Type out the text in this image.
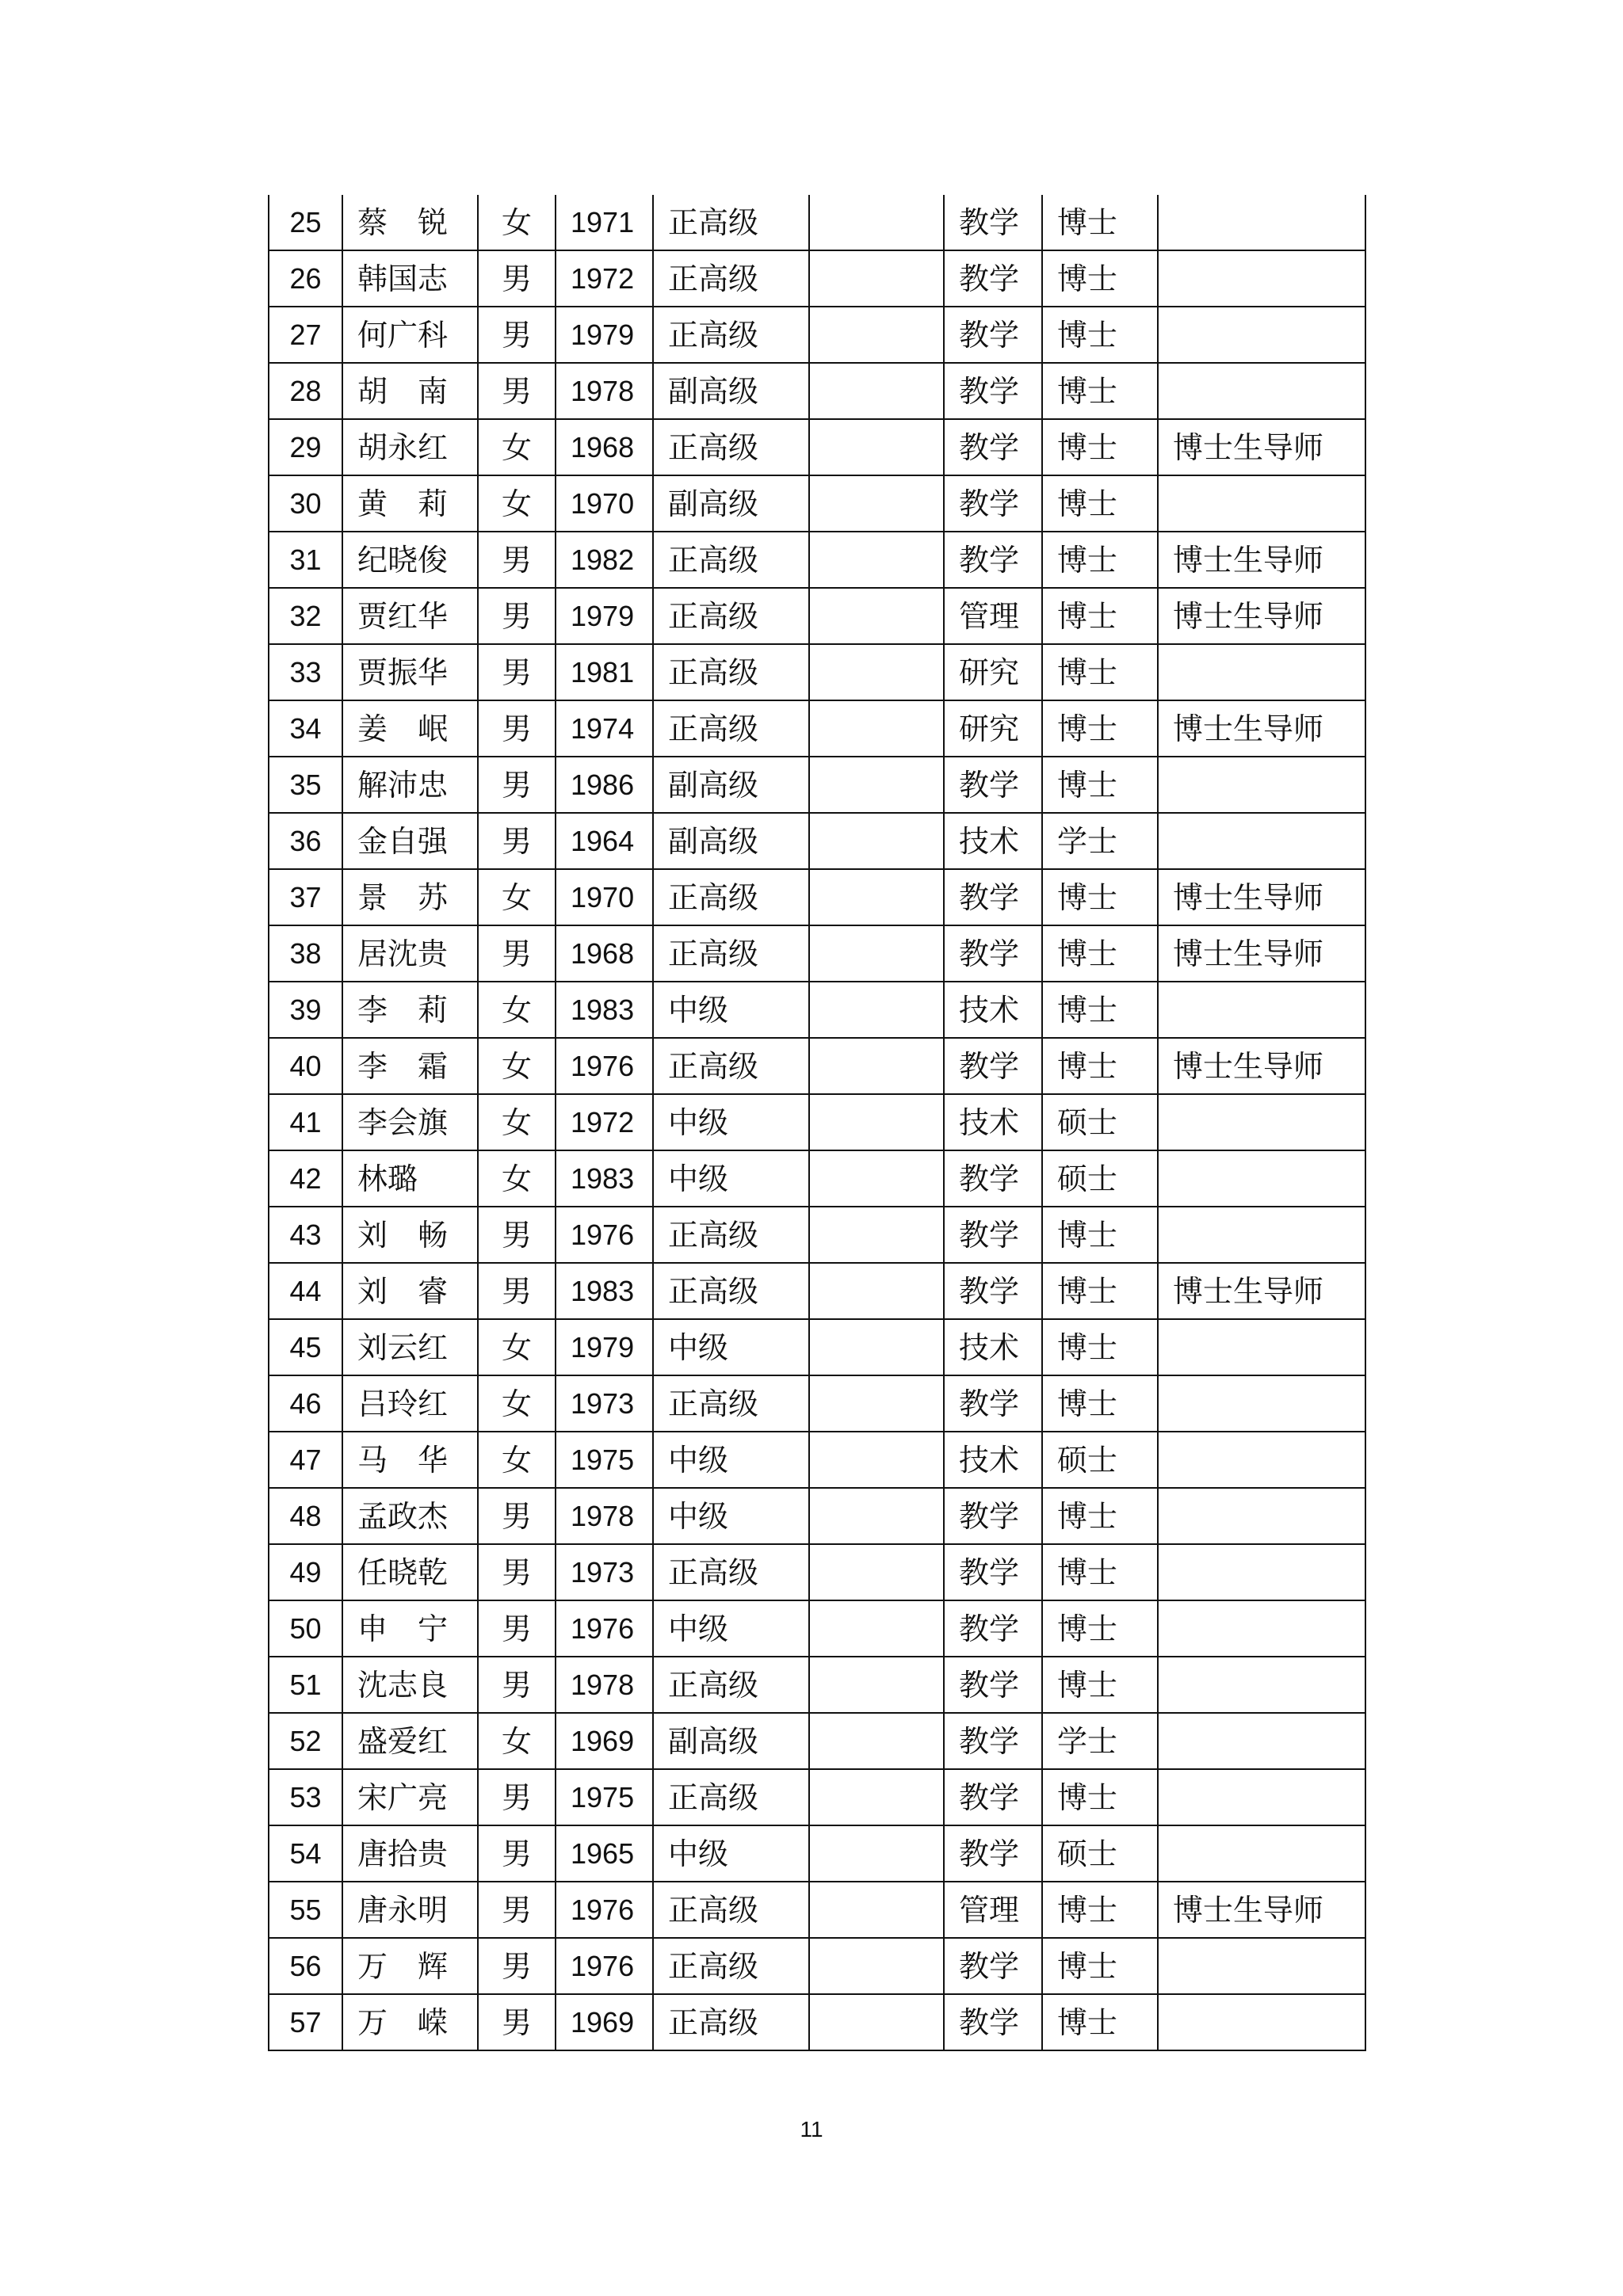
25	蔡　锐	女	1971	正高级		教学	博士	
26	韩国志	男	1972	正高级		教学	博士	
27	何广科	男	1979	正高级		教学	博士	
28	胡　南	男	1978	副高级		教学	博士	
29	胡永红	女	1968	正高级		教学	博士	博士生导师
30	黄　莉	女	1970	副高级		教学	博士	
31	纪晓俊	男	1982	正高级		教学	博士	博士生导师
32	贾红华	男	1979	正高级		管理	博士	博士生导师
33	贾振华	男	1981	正高级		研究	博士	
34	姜　岷	男	1974	正高级		研究	博士	博士生导师
35	解沛忠	男	1986	副高级		教学	博士	
36	金自强	男	1964	副高级		技术	学士	
37	景　苏	女	1970	正高级		教学	博士	博士生导师
38	居沈贵	男	1968	正高级		教学	博士	博士生导师
39	李　莉	女	1983	中级		技术	博士	
40	李　霜	女	1976	正高级		教学	博士	博士生导师
41	李会旗	女	1972	中级		技术	硕士	
42	林璐	女	1983	中级		教学	硕士	
43	刘　畅	男	1976	正高级		教学	博士	
44	刘　睿	男	1983	正高级		教学	博士	博士生导师
45	刘云红	女	1979	中级		技术	博士	
46	吕玲红	女	1973	正高级		教学	博士	
47	马　华	女	1975	中级		技术	硕士	
48	孟政杰	男	1978	中级		教学	博士	
49	任晓乾	男	1973	正高级		教学	博士	
50	申　宁	男	1976	中级		教学	博士	
51	沈志良	男	1978	正高级		教学	博士	
52	盛爱红	女	1969	副高级		教学	学士	
53	宋广亮	男	1975	正高级		教学	博士	
54	唐拾贵	男	1965	中级		教学	硕士	
55	唐永明	男	1976	正高级		管理	博士	博士生导师
56	万　辉	男	1976	正高级		教学	博士	
57	万　嵘	男	1969	正高级		教学	博士	
11
